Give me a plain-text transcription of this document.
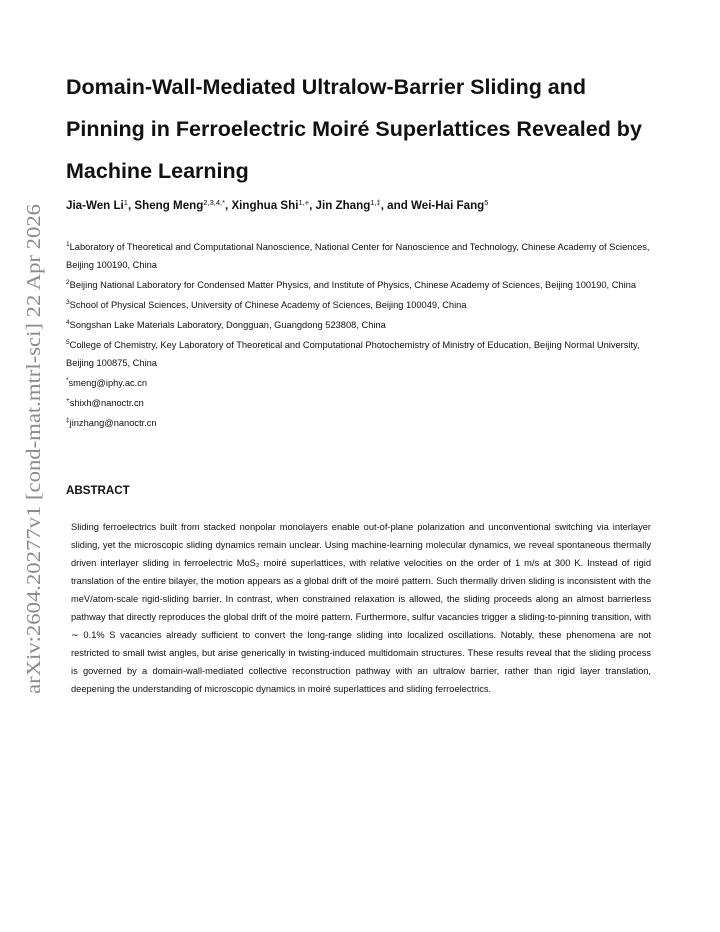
arXiv:2604.20277v1 [cond-mat.mtrl-sci] 22 Apr 2026
Domain-Wall-Mediated Ultralow-Barrier Sliding and Pinning in Ferroelectric Moiré Superlattices Revealed by Machine Learning

Jia-Wen Li$^1$, Sheng Meng$^{2,3,4,*}$, Xinghua Shi$^{1,+}$, Jin Zhang$^{1,\ddagger}$, and Wei-Hai Fang$^5$

$^1$Laboratory of Theoretical and Computational Nanoscience, National Center for Nanoscience and Technology, Chinese Academy of Sciences, Beijing 100190, China
$^2$Beijing National Laboratory for Condensed Matter Physics, and Institute of Physics, Chinese Academy of Sciences, Beijing 100190, China
$^3$School of Physical Sciences, University of Chinese Academy of Sciences, Beijing 100049, China
$^4$Songshan Lake Materials Laboratory, Dongguan, Guangdong 523808, China
$^5$College of Chemistry, Key Laboratory of Theoretical and Computational Photochemistry of Ministry of Education, Beijing Normal University, Beijing 100875, China
*smeng@iphy.ac.cn
+shixh@nanoctr.cn
‡jinzhang@nanoctr.cn
ABSTRACT

Sliding ferroelectrics built from stacked nonpolar monolayers enable out-of-plane polarization and unconventional switching via interlayer sliding, yet the microscopic sliding dynamics remain unclear. Using machine-learning molecular dynamics, we reveal spontaneous thermally driven interlayer sliding in ferroelectric MoS₂ moiré superlattices, with relative velocities on the order of 1 m/s at 300 K. Instead of rigid translation of the entire bilayer, the motion appears as a global drift of the moiré pattern. Such thermally driven sliding is inconsistent with the meV/atom-scale rigid-sliding barrier. In contrast, when constrained relaxation is allowed, the sliding proceeds along an almost barrierless pathway that directly reproduces the global drift of the moiré pattern. Furthermore, sulfur vacancies trigger a sliding-to-pinning transition, with ∼ 0.1% S vacancies already sufficient to convert the long-range sliding into localized oscillations. Notably, these phenomena are not restricted to small twist angles, but arise generically in twisting-induced multidomain structures. These results reveal that the sliding process is governed by a domain-wall-mediated collective reconstruction pathway with an ultralow barrier, rather than rigid layer translation, deepening the understanding of microscopic dynamics in moiré superlattices and sliding ferroelectrics.
